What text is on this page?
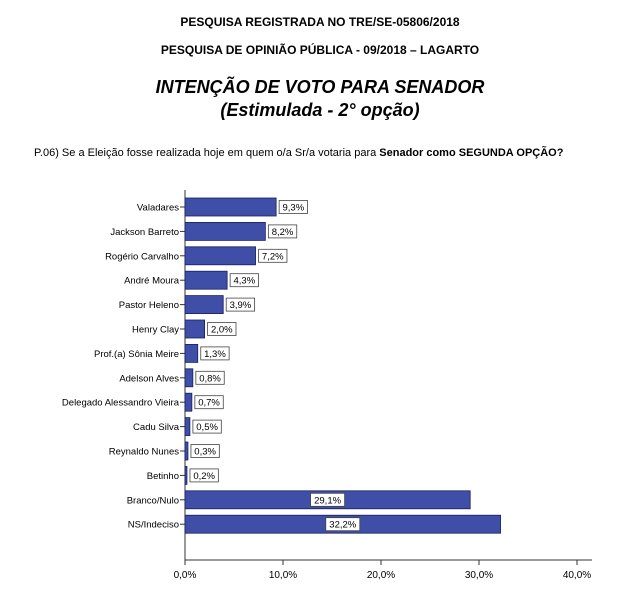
PESQUISA REGISTRADA NO TRE/SE-05806/2018
PESQUISA DE OPINIÃO PÚBLICA - 09/2018 – LAGARTO
INTENÇÃO DE VOTO PARA SENADOR
(Estimulada - 2° opção)
P.06) Se a Eleição fosse realizada hoje em quem o/a Sr/a votaria para Senador como SEGUNDA OPÇÃO?
0,0%	10,0%	20,0%	30,0%	40,0%
Valadares	9,3%
Jackson Barreto	8,2%
Rogério Carvalho	7,2%
André Moura	4,3%
Pastor Heleno	3,9%
Henry Clay	2,0%
Prof.(a) Sônia Meire	1,3%
Adelson Alves 0,8%
Delegado Alessandro Vieira 0,7%
Cadu Silva 0,5%
Reynaldo Nunes 0,3%
Betinho 0,2%
Branco/Nulo	29,1%
NS/Indeciso	32,2%
